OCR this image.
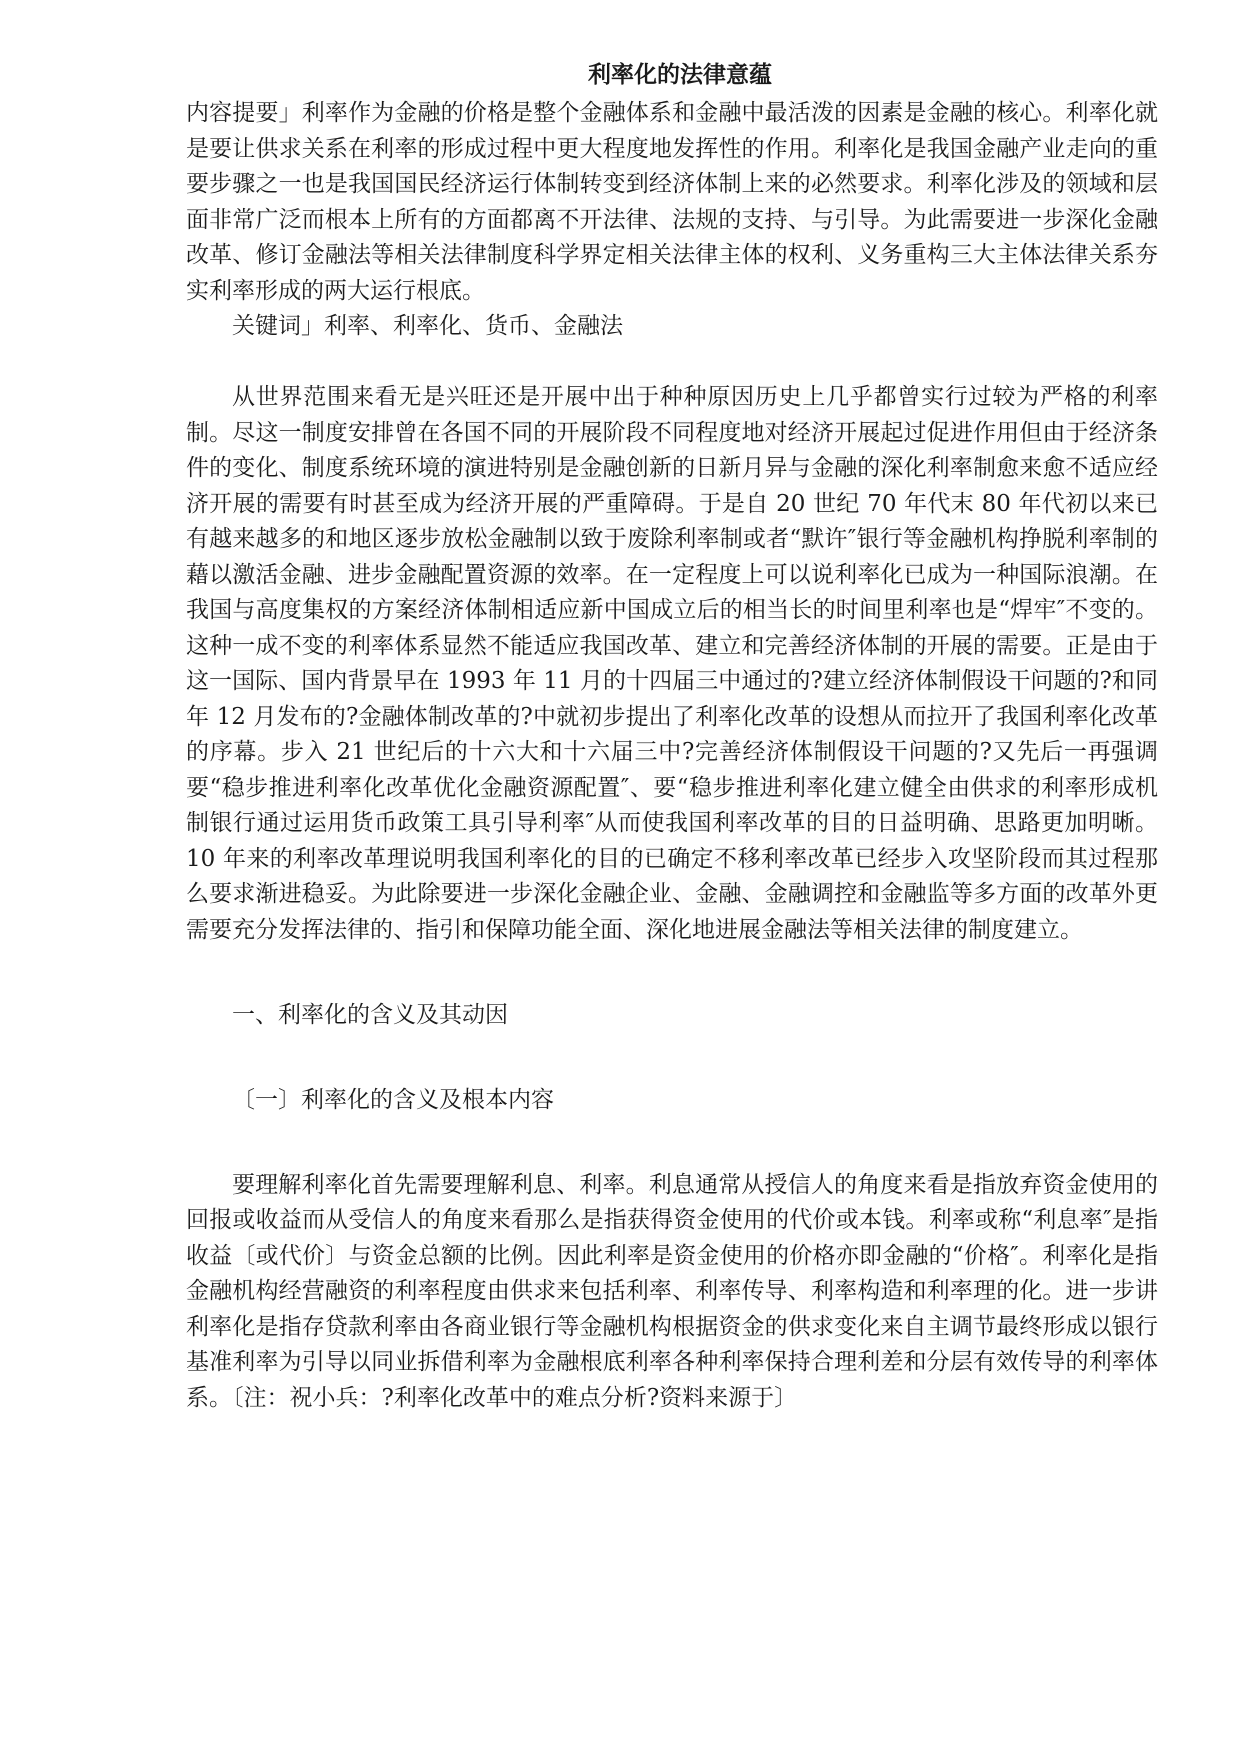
利率化的法律意蕴

内容提要」利率作为金融的价格是整个金融体系和金融中最活泼的因素是金融的核心。利率化就是要让供求关系在利率的形成过程中更大程度地发挥性的作用。利率化是我国金融产业走向的重要步骤之一也是我国国民经济运行体制转变到经济体制上来的必然要求。利率化涉及的领域和层面非常广泛而根本上所有的方面都离不开法律、法规的支持、与引导。为此需要进一步深化金融改革、修订金融法等相关法律制度科学界定相关法律主体的权利、义务重构三大主体法律关系夯实利率形成的两大运行根底。

关键词」利率、利率化、货币、金融法

从世界范围来看无是兴旺还是开展中出于种种原因历史上几乎都曾实行过较为严格的利率制。尽这一制度安排曾在各国不同的开展阶段不同程度地对经济开展起过促进作用但由于经济条件的变化、制度系统环境的演进特别是金融创新的日新月异与金融的深化利率制愈来愈不适应经济开展的需要有时甚至成为经济开展的严重障碍。于是自 20 世纪 70 年代末 80 年代初以来已有越来越多的和地区逐步放松金融制以致于废除利率制或者“默许″银行等金融机构挣脱利率制的藉以激活金融、进步金融配置资源的效率。在一定程度上可以说利率化已成为一种国际浪潮。在我国与高度集权的方案经济体制相适应新中国成立后的相当长的时间里利率也是“焊牢″不变的。这种一成不变的利率体系显然不能适应我国改革、建立和完善经济体制的开展的需要。正是由于这一国际、国内背景早在 1993 年 11 月的十四届三中通过的?建立经济体制假设干问题的?和同年 12 月发布的?金融体制改革的?中就初步提出了利率化改革的设想从而拉开了我国利率化改革的序幕。步入 21 世纪后的十六大和十六届三中?完善经济体制假设干问题的?又先后一再强调要“稳步推进利率化改革优化金融资源配置″、要“稳步推进利率化建立健全由供求的利率形成机制银行通过运用货币政策工具引导利率″从而使我国利率改革的目的日益明确、思路更加明晰。10 年来的利率改革理说明我国利率化的目的已确定不移利率改革已经步入攻坚阶段而其过程那么要求渐进稳妥。为此除要进一步深化金融企业、金融、金融调控和金融监等多方面的改革外更需要充分发挥法律的、指引和保障功能全面、深化地进展金融法等相关法律的制度建立。

一、利率化的含义及其动因

〔一〕利率化的含义及根本内容

要理解利率化首先需要理解利息、利率。利息通常从授信人的角度来看是指放弃资金使用的回报或收益而从受信人的角度来看那么是指获得资金使用的代价或本钱。利率或称“利息率″是指收益〔或代价〕与资金总额的比例。因此利率是资金使用的价格亦即金融的“价格″。利率化是指金融机构经营融资的利率程度由供求来包括利率、利率传导、利率构造和利率理的化。进一步讲利率化是指存贷款利率由各商业银行等金融机构根据资金的供求变化来自主调节最终形成以银行基准利率为引导以同业拆借利率为金融根底利率各种利率保持合理利差和分层有效传导的利率体系。〔注：祝小兵：?利率化改革中的难点分析?资料来源于〕
